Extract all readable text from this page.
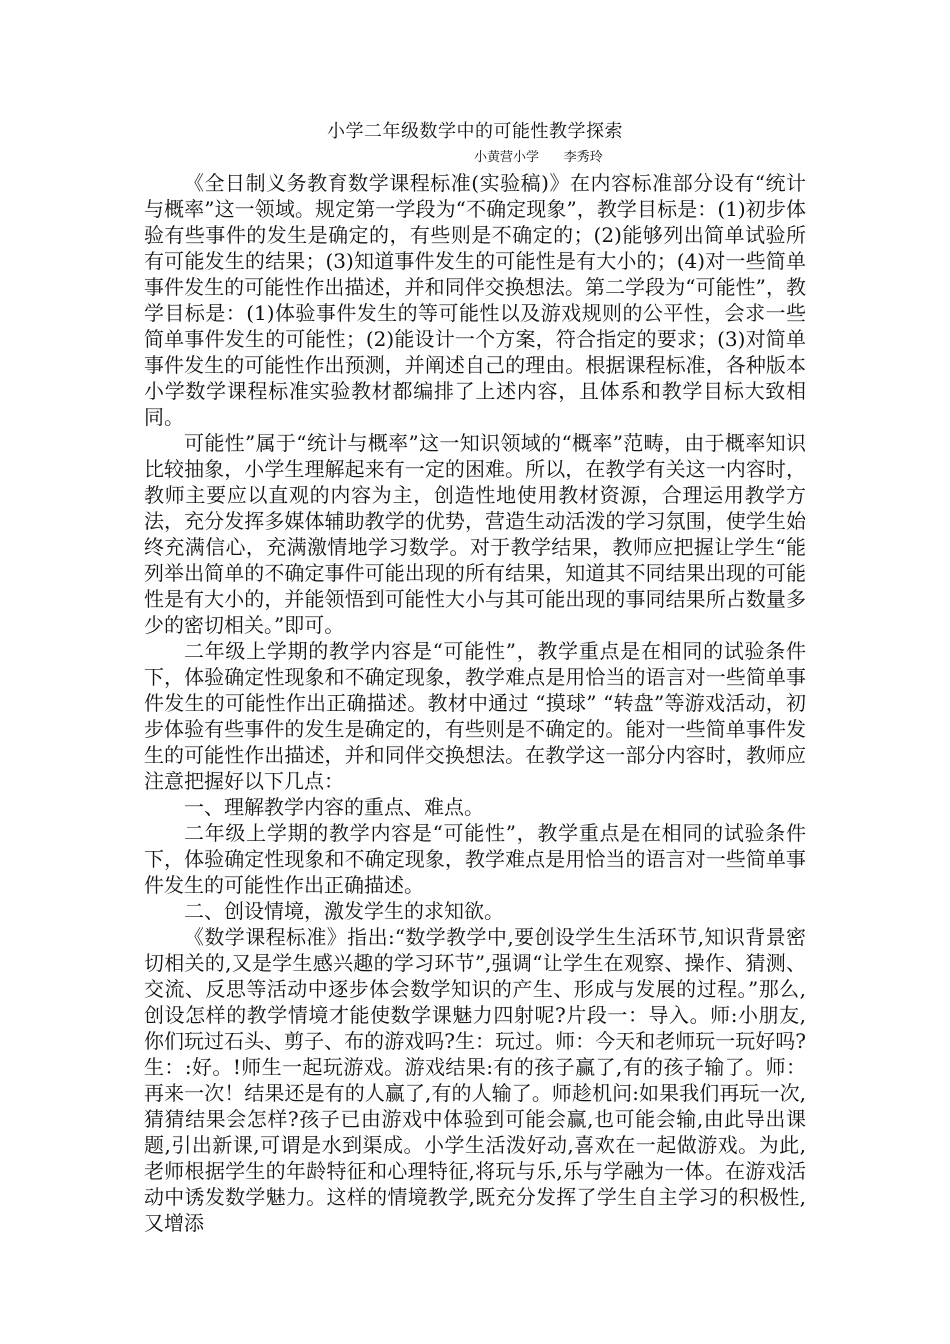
小学二年级数学中的可能性教学探索
小黄营小学      李秀玲

《全日制义务教育数学课程标准(实验稿)》在内容标准部分设有“统计与概率”这一领域。规定第一学段为“不确定现象”，教学目标是：(1)初步体验有些事件的发生是确定的，有些则是不确定的；(2)能够列出简单试验所有可能发生的结果；(3)知道事件发生的可能性是有大小的；(4)对一些简单事件发生的可能性作出描述，并和同伴交换想法。第二学段为“可能性”，教学目标是：(1)体验事件发生的等可能性以及游戏规则的公平性，会求一些简单事件发生的可能性；(2)能设计一个方案，符合指定的要求；(3)对简单事件发生的可能性作出预测，并阐述自己的理由。根据课程标准，各种版本小学数学课程标准实验教材都编排了上述内容，且体系和教学目标大致相同。

可能性”属于“统计与概率”这一知识领域的“概率”范畴，由于概率知识比较抽象，小学生理解起来有一定的困难。所以，在教学有关这一内容时，教师主要应以直观的内容为主，创造性地使用教材资源，合理运用教学方法，充分发挥多媒体辅助教学的优势，营造生动活泼的学习氛围，使学生始终充满信心，充满激情地学习数学。对于教学结果，教师应把握让学生“能列举出简单的不确定事件可能出现的所有结果，知道其不同结果出现的可能性是有大小的，并能领悟到可能性大小与其可能出现的事同结果所占数量多少的密切相关。”即可。

二年级上学期的教学内容是“可能性”，教学重点是在相同的试验条件下，体验确定性现象和不确定现象，教学难点是用恰当的语言对一些简单事件发生的可能性作出正确描述。教材中通过 “摸球” “转盘”等游戏活动，初步体验有些事件的发生是确定的，有些则是不确定的。能对一些简单事件发生的可能性作出描述，并和同伴交换想法。在教学这一部分内容时，教师应注意把握好以下几点：

一、理解教学内容的重点、难点。

二年级上学期的教学内容是“可能性”，教学重点是在相同的试验条件下，体验确定性现象和不确定现象，教学难点是用恰当的语言对一些简单事件发生的可能性作出正确描述。

二、创设情境，激发学生的求知欲。

《数学课程标准》指出:“数学教学中,要创设学生生活环节,知识背景密切相关的,又是学生感兴趣的学习环节”,强调“让学生在观察、操作、猜测、交流、反思等活动中逐步体会数学知识的产生、形成与发展的过程。”那么,创设怎样的教学情境才能使数学课魅力四射呢?片段一：导入。师:小朋友,你们玩过石头、剪子、布的游戏吗?生：玩过。师：今天和老师玩一玩好吗?生：:好。!师生一起玩游戏。游戏结果:有的孩子赢了,有的孩子输了。师：再来一次！结果还是有的人赢了,有的人输了。师趁机问:如果我们再玩一次,猜猜结果会怎样?孩子已由游戏中体验到可能会赢,也可能会输,由此导出课题,引出新课,可谓是水到渠成。小学生活泼好动,喜欢在一起做游戏。为此,老师根据学生的年龄特征和心理特征,将玩与乐,乐与学融为一体。在游戏活动中诱发数学魅力。这样的情境教学,既充分发挥了学生自主学习的积极性,又增添
